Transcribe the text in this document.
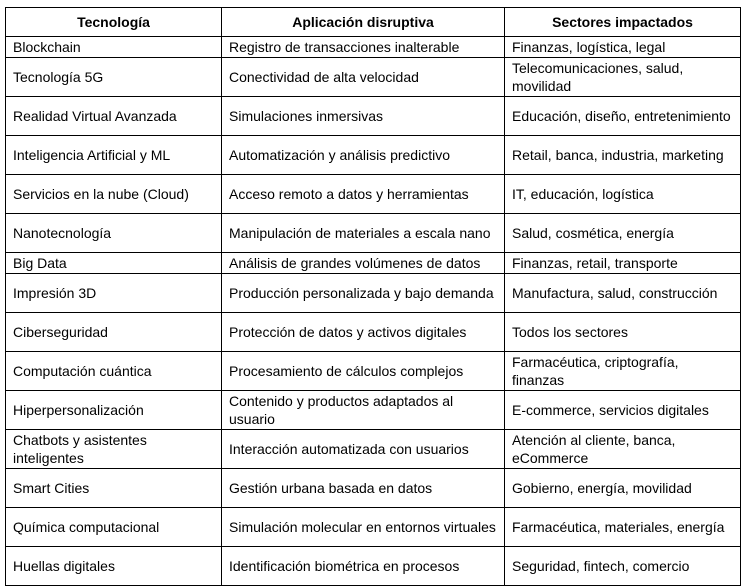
Tecnología	Aplicación disruptiva	Sectores impactados
Blockchain	Registro de transacciones inalterable	Finanzas, logística, legal
Tecnología 5G	Conectividad de alta velocidad	Telecomunicaciones, salud, movilidad
Realidad Virtual Avanzada	Simulaciones inmersivas	Educación, diseño, entretenimiento
Inteligencia Artificial y ML	Automatización y análisis predictivo	Retail, banca, industria, marketing
Servicios en la nube (Cloud)	Acceso remoto a datos y herramientas	IT, educación, logística
Nanotecnología	Manipulación de materiales a escala nano	Salud, cosmética, energía
Big Data	Análisis de grandes volúmenes de datos	Finanzas, retail, transporte
Impresión 3D	Producción personalizada y bajo demanda	Manufactura, salud, construcción
Ciberseguridad	Protección de datos y activos digitales	Todos los sectores
Computación cuántica	Procesamiento de cálculos complejos	Farmacéutica, criptografía, finanzas
Hiperpersonalización	Contenido y productos adaptados al usuario	E-commerce, servicios digitales
Chatbots y asistentes inteligentes	Interacción automatizada con usuarios	Atención al cliente, banca, eCommerce
Smart Cities	Gestión urbana basada en datos	Gobierno, energía, movilidad
Química computacional	Simulación molecular en entornos virtuales	Farmacéutica, materiales, energía
Huellas digitales	Identificación biométrica en procesos	Seguridad, fintech, comercio
